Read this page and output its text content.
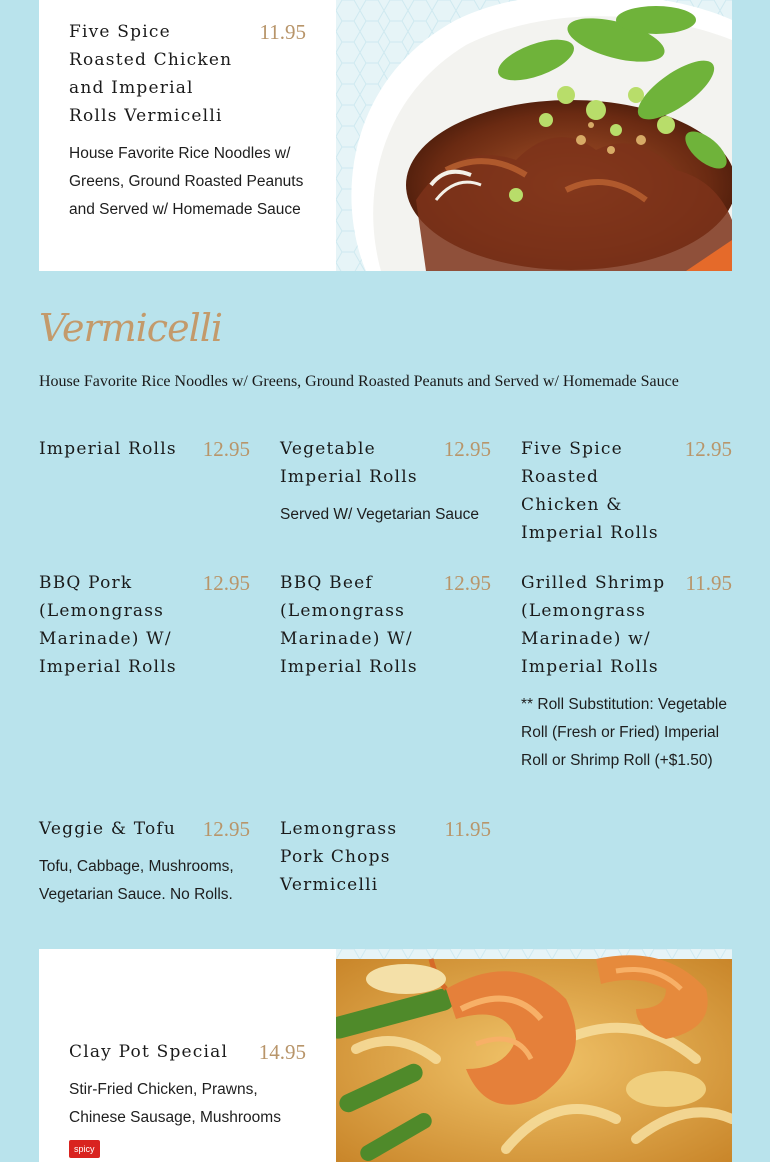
Five Spice Roasted Chicken and Imperial Rolls Vermicelli
11.95
House Favorite Rice Noodles w/ Greens, Ground Roasted Peanuts and Served w/ Homemade Sauce
Vermicelli
House Favorite Rice Noodles w/ Greens, Ground Roasted Peanuts and Served w/ Homemade Sauce
Imperial Rolls	12.95 Vegetable Imperial Rolls
12.95
Served W/ Vegetarian Sauce
Five Spice Roasted Chicken & Imperial Rolls
12.95
BBQ Pork (Lemongrass Marinade) W/ Imperial Rolls
12.95 BBQ Beef (Lemongrass Marinade) W/ Imperial Rolls
12.95 Grilled Shrimp (Lemongrass Marinade) w/ Imperial Rolls
11.95
** Roll Substitution: Vegetable Roll (Fresh or Fried) Imperial Roll or Shrimp Roll (+$1.50)
Veggie & Tofu	12.95
Tofu, Cabbage, Mushrooms, Vegetarian Sauce. No Rolls.
Lemongrass Pork Chops Vermicelli
11.95
Clay Pot Special	14.95
Stir-Fried Chicken, Prawns, Chinese Sausage, Mushrooms
spicy
